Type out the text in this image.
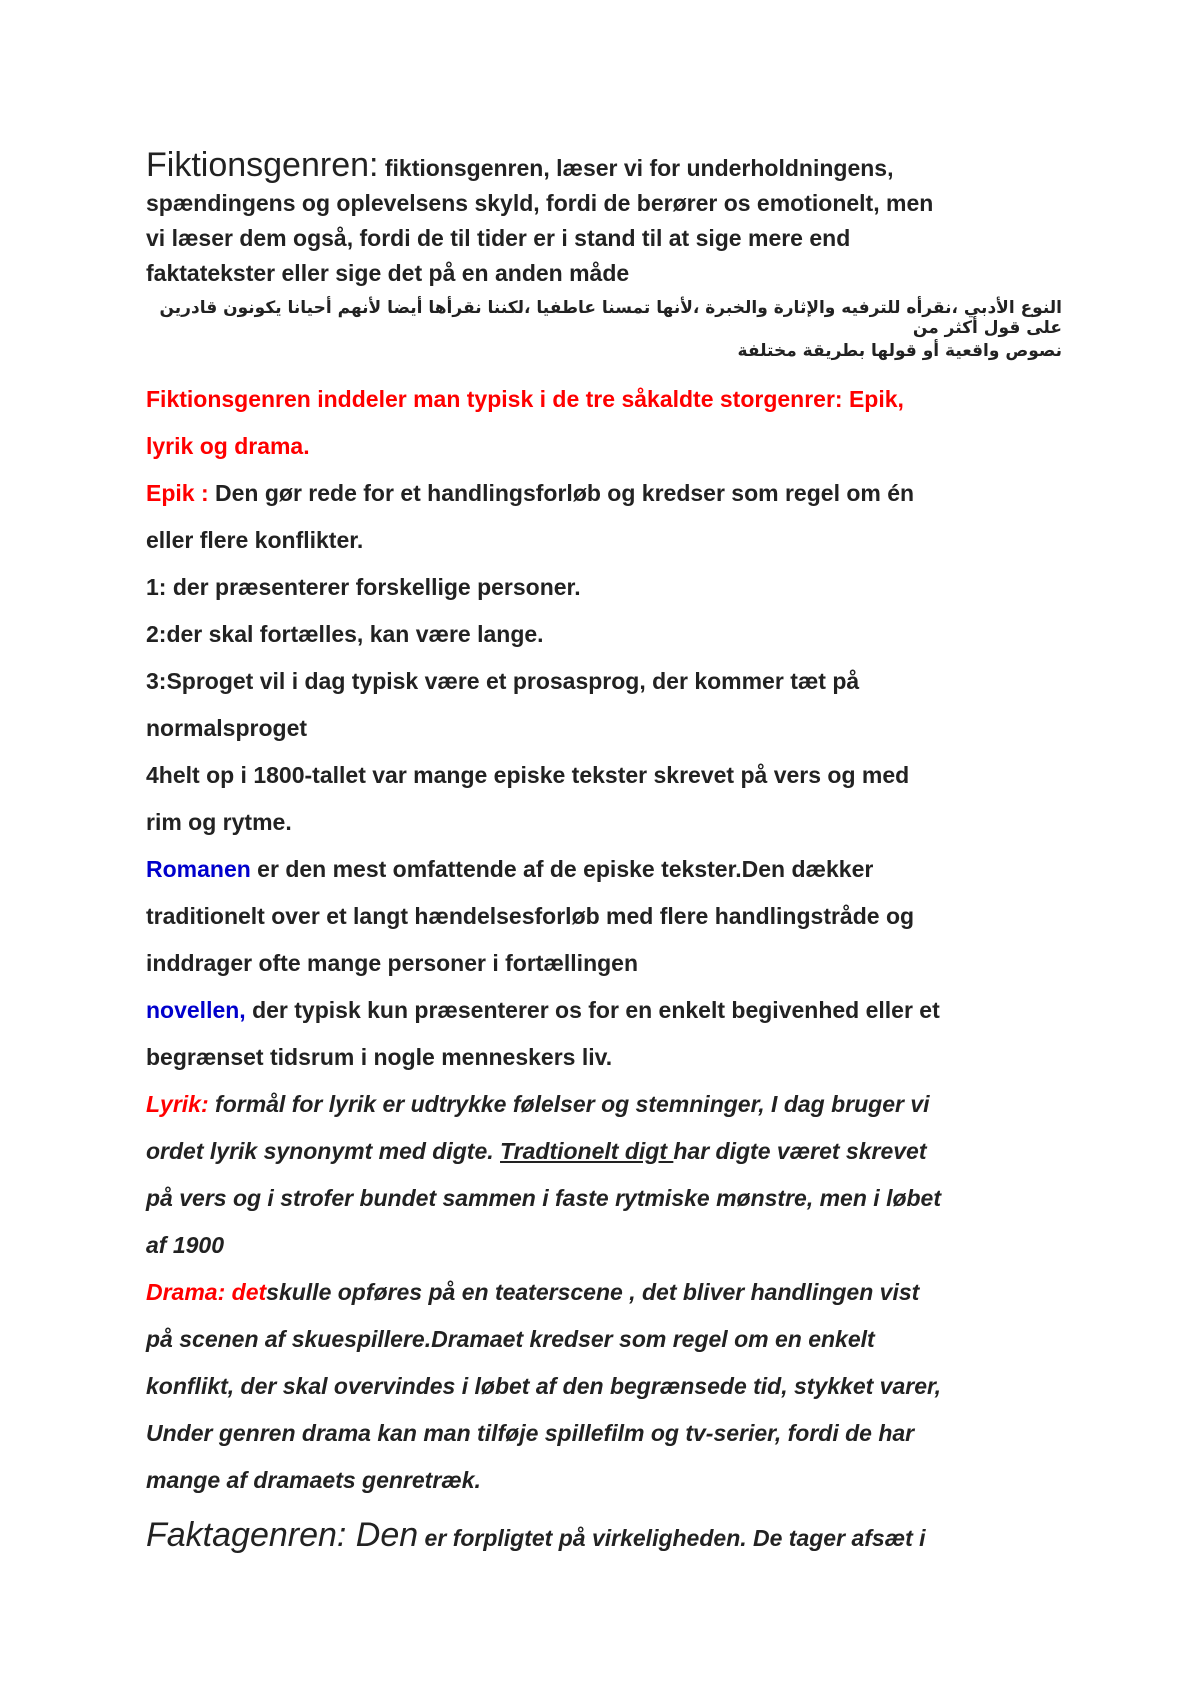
Fiktionsgenren: fiktionsgenren, læser vi for underholdningens,
spændingens og oplevelsens skyld, fordi de berører os emotionelt, men
vi læser dem også, fordi de til tider er i stand til at sige mere end
faktatekster eller sige det på en anden måde
النوع الأدبي ،نقرأه للترفيه والإثارة والخبرة ،لأنها تمسنا عاطفيا ،لكننا نقرأها أيضا لأنهم أحيانا يكونون قادرين على قول أكثر من
نصوص واقعية أو قولها بطريقة مختلفة
Fiktionsgenren inddeler man typisk i de tre såkaldte storgenrer: Epik,
lyrik og drama.
Epik : Den gør rede for et handlingsforløb og kredser som regel om én
eller flere konflikter.
1: der præsenterer forskellige personer.
2:der skal fortælles, kan være lange.
3:Sproget vil i dag typisk være et prosasprog, der kommer tæt på
normalsproget
4helt op i 1800-tallet var mange episke tekster skrevet på vers og med
rim og rytme.
Romanen er den mest omfattende af de episke tekster.Den dækker
traditionelt over et langt hændelsesforløb med flere handlingstråde og
inddrager ofte mange personer i fortællingen
novellen, der typisk kun præsenterer os for en enkelt begivenhed eller et
begrænset tidsrum i nogle menneskers liv.
Lyrik: formål for lyrik er udtrykke følelser og stemninger, I dag bruger vi
ordet lyrik synonymt med digte. Tradtionelt digt har digte været skrevet
på vers og i strofer bundet sammen i faste rytmiske mønstre, men i løbet
af 1900
Drama: detskulle opføres på en teaterscene , det bliver handlingen vist
på scenen af skuespillere.Dramaet kredser som regel om en enkelt
konflikt, der skal overvindes i løbet af den begrænsede tid, stykket varer,
Under genren drama kan man tilføje spillefilm og tv-serier, fordi de har
mange af dramaets genretræk.
Faktagenren: Den er forpligtet på virkeligheden. De tager afsæt i
